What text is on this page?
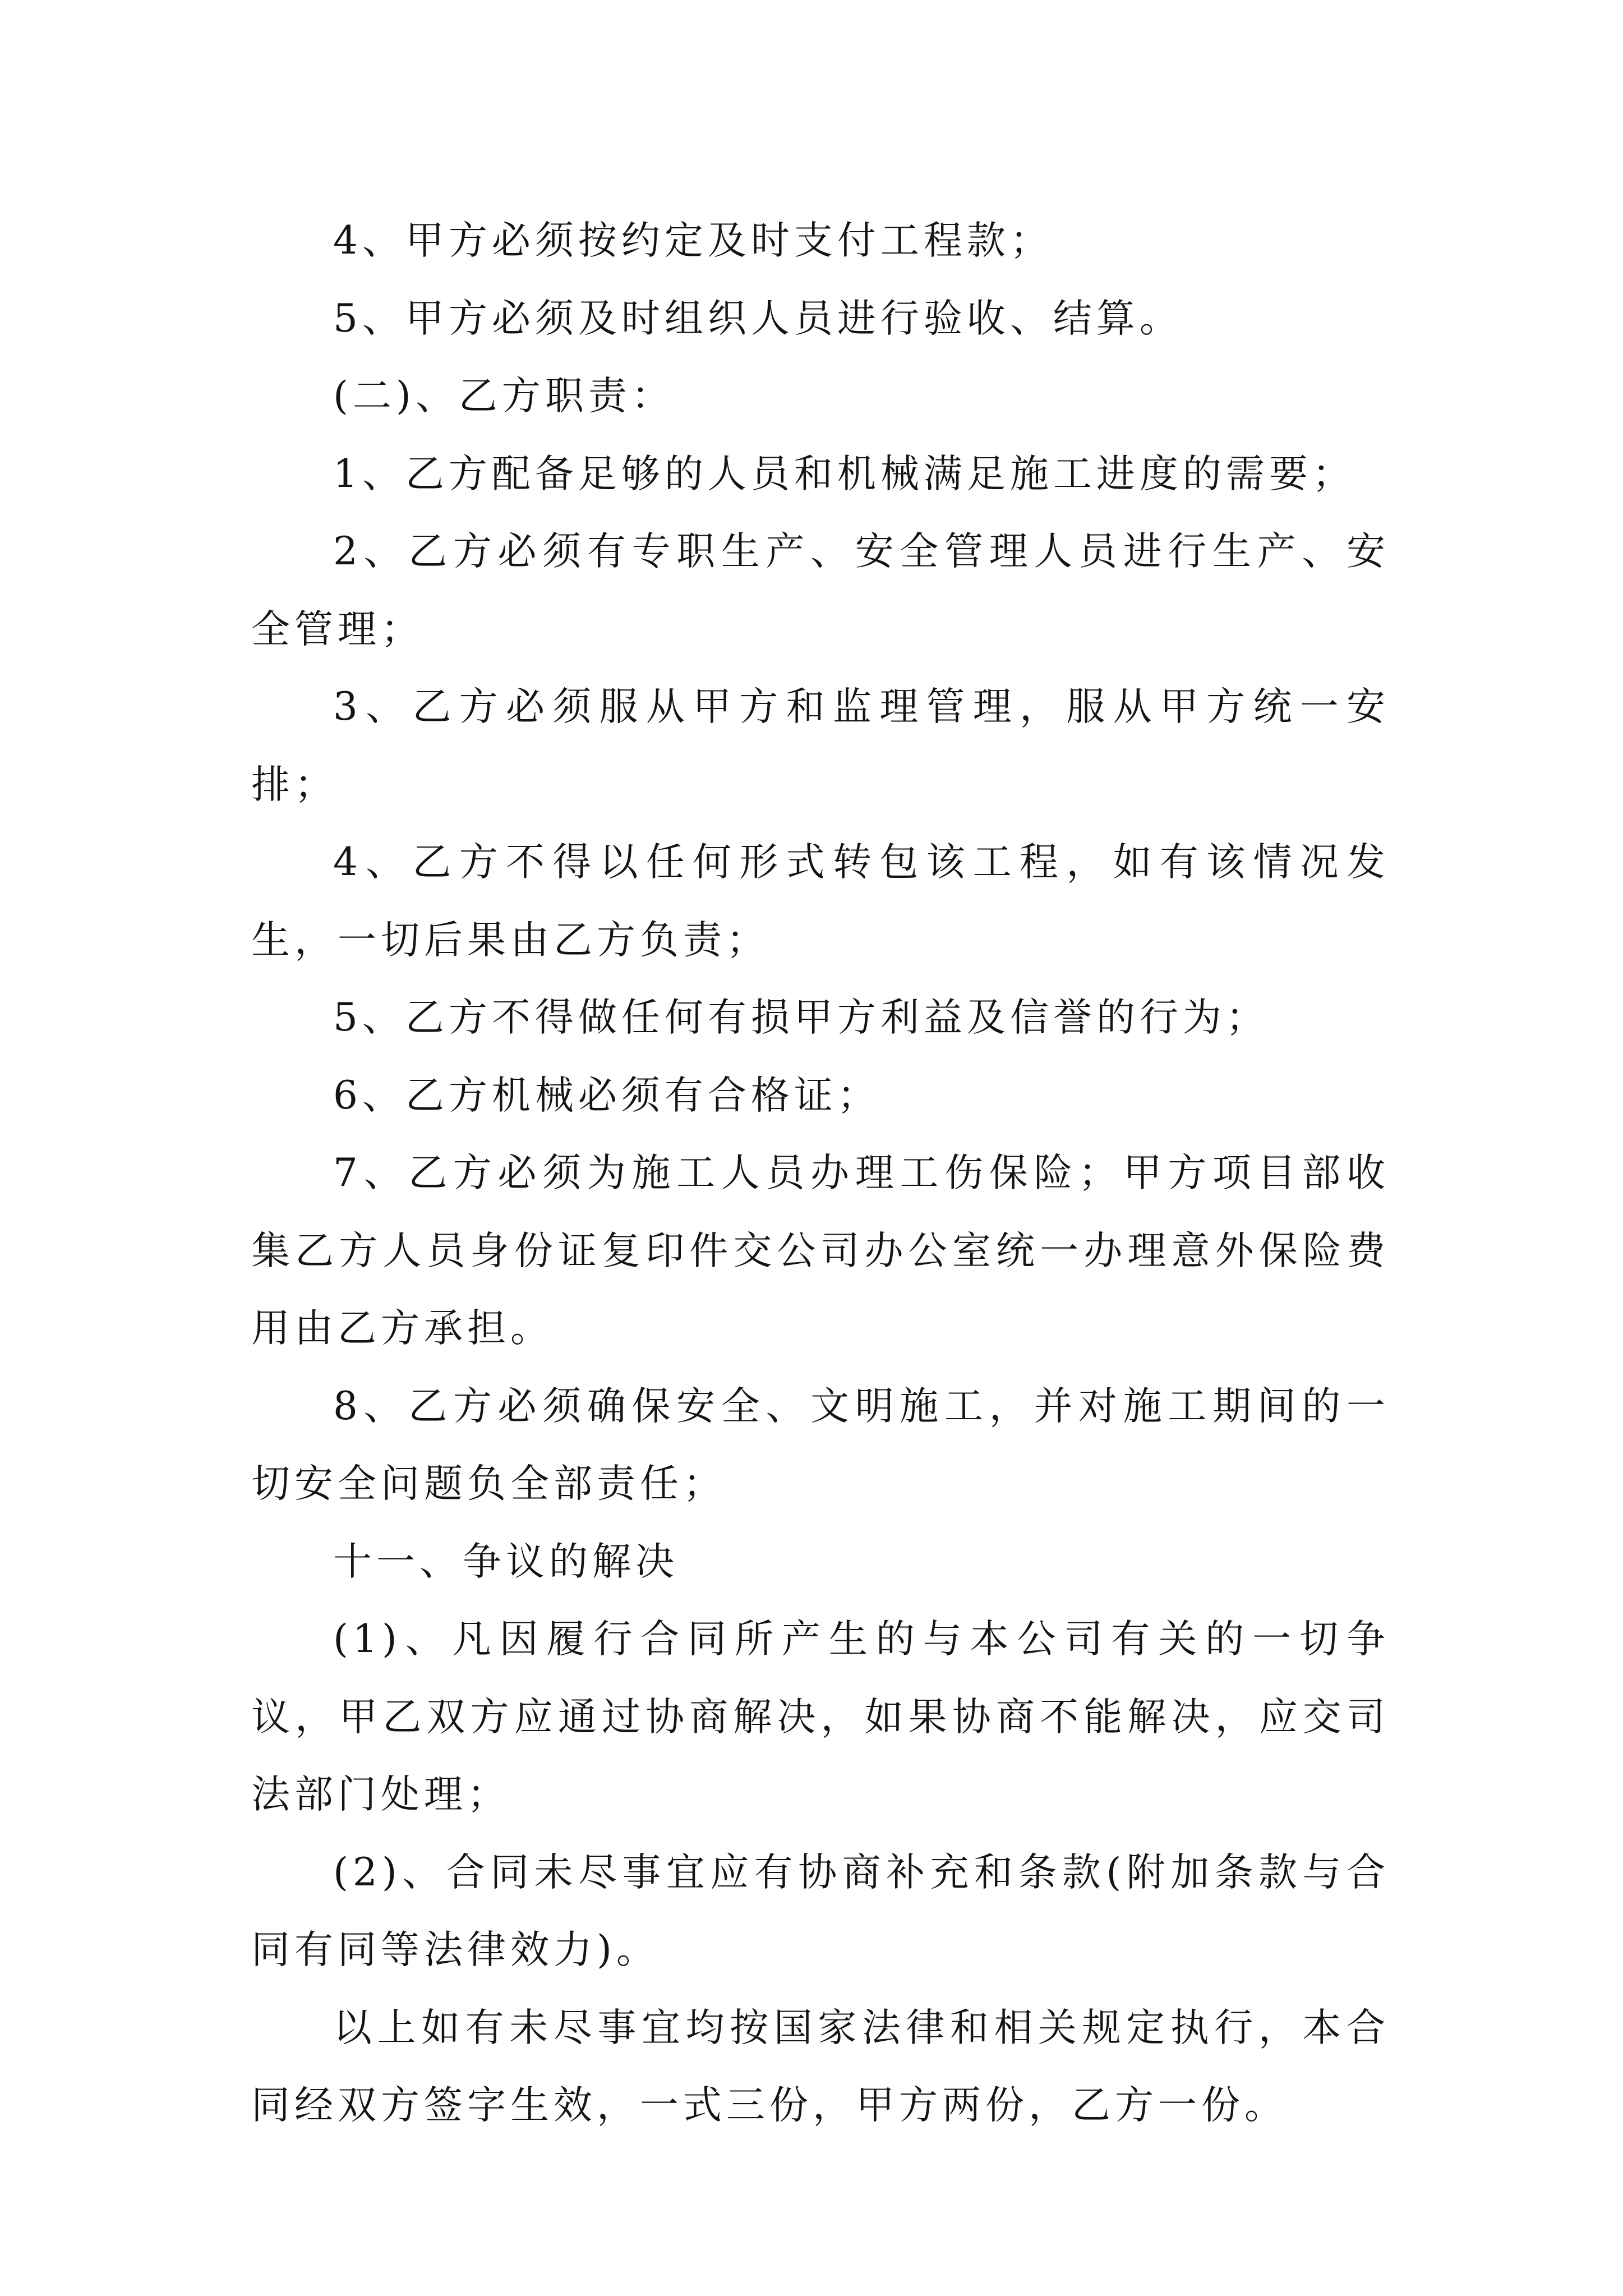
4、甲方必须按约定及时支付工程款；

5、甲方必须及时组织人员进行验收、结算。

(二)、乙方职责：

1、乙方配备足够的人员和机械满足施工进度的需要；

2、乙方必须有专职生产、安全管理人员进行生产、安全管理；

3、乙方必须服从甲方和监理管理，服从甲方统一安排；

4、乙方不得以任何形式转包该工程，如有该情况发生，一切后果由乙方负责；

5、乙方不得做任何有损甲方利益及信誉的行为；

6、乙方机械必须有合格证；

7、乙方必须为施工人员办理工伤保险；甲方项目部收集乙方人员身份证复印件交公司办公室统一办理意外保险费用由乙方承担。

8、乙方必须确保安全、文明施工，并对施工期间的一切安全问题负全部责任；

十一、争议的解决

(1)、凡因履行合同所产生的与本公司有关的一切争议，甲乙双方应通过协商解决，如果协商不能解决，应交司法部门处理；

(2)、合同未尽事宜应有协商补充和条款(附加条款与合同有同等法律效力)。

以上如有未尽事宜均按国家法律和相关规定执行，本合同经双方签字生效，一式三份，甲方两份，乙方一份。
